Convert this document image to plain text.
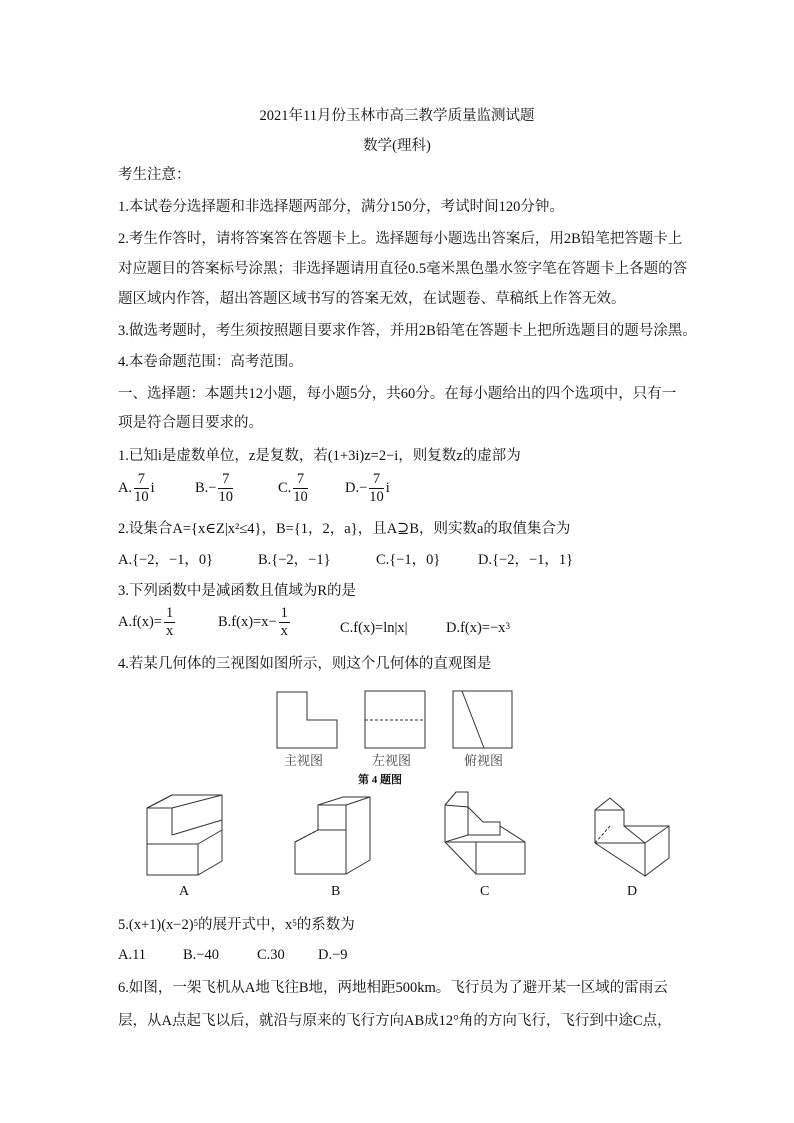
2021年11月份玉林市高三教学质量监测试题
数学(理科)
考生注意：
1.本试卷分选择题和非选择题两部分，满分150分，考试时间120分钟。
2.考生作答时，请将答案答在答题卡上。选择题每小题选出答案后，用2B铅笔把答题卡上
对应题目的答案标号涂黑；非选择题请用直径0.5毫米黑色墨水签字笔在答题卡上各题的答
题区域内作答，超出答题区域书写的答案无效，在试题卷、草稿纸上作答无效。
3.做选考题时，考生须按照题目要求作答，并用2B铅笔在答题卡上把所选题目的题号涂黑。
4.本卷命题范围：高考范围。
一、选择题：本题共12小题，每小题5分，共60分。在每小题给出的四个选项中，只有一
项是符合题目要求的。
1.已知i是虚数单位，z是复数，若(1+3i)z=2−i，则复数z的虚部为
A. $\frac{7}{10}$ i	$B.- \frac{7}{10}$	C. $\frac{7}{10}$	$D.- \frac{7}{10}$ i
2.设集合A={x∈Z|x²≤4}，B={1，2，a}，且A⊇B，则实数a的取值集合为
A.{−2，−1，0}	B.{−2，−1}	C.{−1，0}	D.{−2，−1，1}
3.下列函数中是减函数且值域为R的是
$A.f(x)= \frac{1}{x}$	$B.f(x)=x- \frac{1}{x}$	C.f(x)=ln|x|	$D.f(x)=-x^3$
4.若某几何体的三视图如图所示，则这个几何体的直观图是
主视图	左视图	俯视图
第 4 题图
A	B	C	D
$5.(x+1)(x-2)^5$的展开式中，$x^5$的系数为
A.11	B.−40	C.30 D.−9
6.如图，一架飞机从A地飞往B地，两地相距500km。飞行员为了避开某一区域的雷雨云
层，从A点起飞以后，就沿与原来的飞行方向AB成12°角的方向飞行，飞行到中途C点，
